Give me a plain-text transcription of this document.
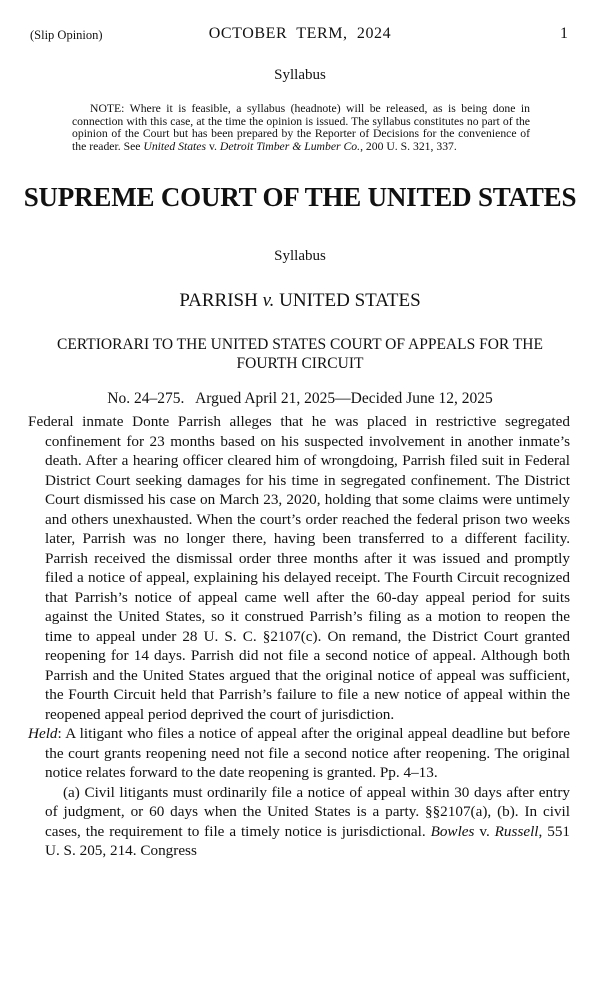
(Slip Opinion)	OCTOBER  TERM,  2024	1
Syllabus

NOTE: Where it is feasible, a syllabus (headnote) will be released, as is being done in connection with this case, at the time the opinion is issued. The syllabus constitutes no part of the opinion of the Court but has been prepared by the Reporter of Decisions for the convenience of the reader. See United States v. Detroit Timber & Lumber Co., 200 U. S. 321, 337.

SUPREME COURT OF THE UNITED STATES
Syllabus
PARRISH v. UNITED STATES
CERTIORARI TO THE UNITED STATES COURT OF APPEALS FOR THE FOURTH CIRCUIT
No. 24–275.   Argued April 21, 2025—Decided June 12, 2025

Federal inmate Donte Parrish alleges that he was placed in restrictive segregated confinement for 23 months based on his suspected involvement in another inmate’s death. After a hearing officer cleared him of wrongdoing, Parrish filed suit in Federal District Court seeking damages for his time in segregated confinement. The District Court dismissed his case on March 23, 2020, holding that some claims were untimely and others unexhausted. When the court’s order reached the federal prison two weeks later, Parrish was no longer there, having been transferred to a different facility. Parrish received the dismissal order three months after it was issued and promptly filed a notice of appeal, explaining his delayed receipt. The Fourth Circuit recognized that Parrish’s notice of appeal came well after the 60-day appeal period for suits against the United States, so it construed Parrish’s filing as a motion to reopen the time to appeal under 28 U. S. C. §2107(c). On remand, the District Court granted reopening for 14 days. Parrish did not file a second notice of appeal. Although both Parrish and the United States argued that the original notice of appeal was sufficient, the Fourth Circuit held that Parrish’s failure to file a new notice of appeal within the reopened appeal period deprived the court of jurisdiction.

Held: A litigant who files a notice of appeal after the original appeal deadline but before the court grants reopening need not file a second notice after reopening. The original notice relates forward to the date reopening is granted. Pp. 4–13.

(a) Civil litigants must ordinarily file a notice of appeal within 30 days after entry of judgment, or 60 days when the United States is a party. §§2107(a), (b). In civil cases, the requirement to file a timely notice is jurisdictional. Bowles v. Russell, 551 U. S. 205, 214. Congress
